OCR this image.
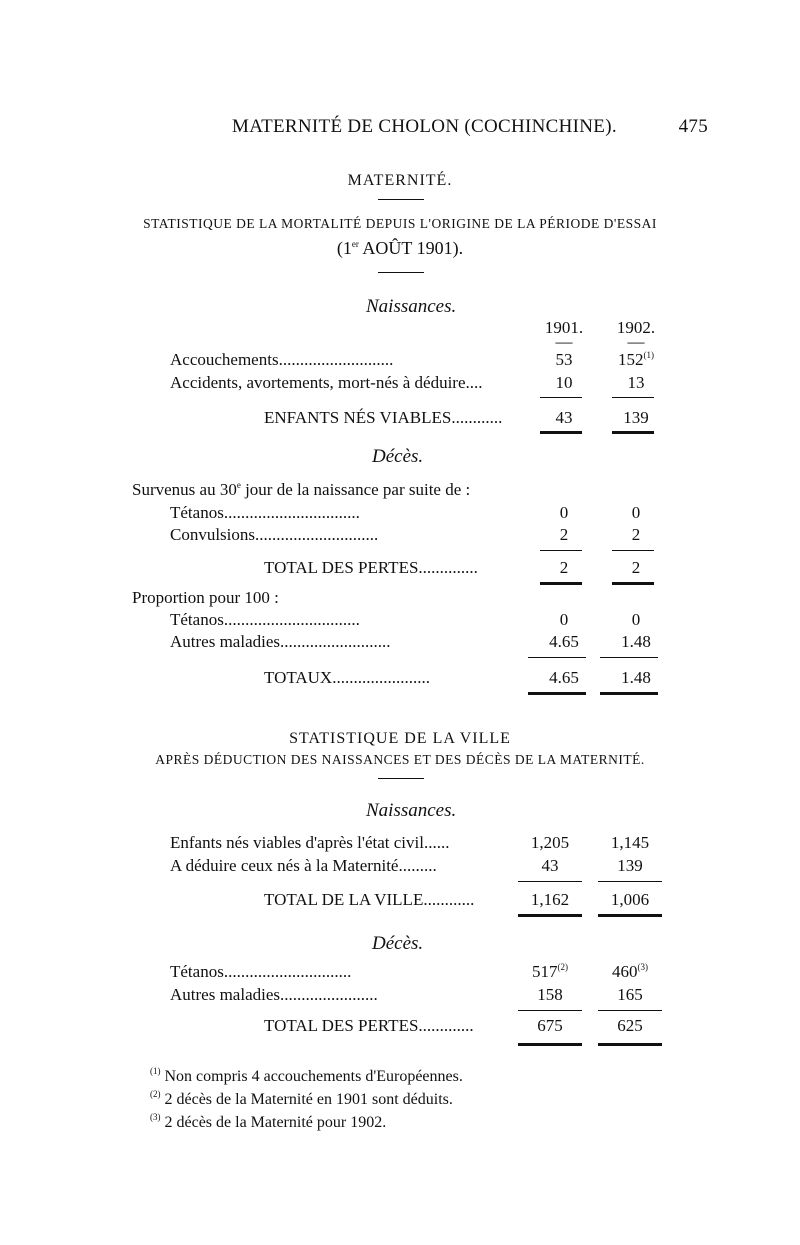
MATERNITÉ DE CHOLON (COCHINCHINE).	475
MATERNITÉ.
STATISTIQUE DE LA MORTALITÉ DEPUIS L'ORIGINE DE LA PÉRIODE D'ESSAI
(1er AOÛT 1901).
Naissances.
1901.	1902.
—	—
Accouchements...........................	53	152$^{(1)}$
Accidents, avortements, mort-nés à déduire....	10	13
ENFANTS NÉS VIABLES............	43	139
Décès.
Survenus au 30e jour de la naissance par suite de :
Tétanos................................	0	0
Convulsions.............................	2	2
TOTAL DES PERTES..............	2	2
Proportion pour 100 :
Tétanos................................	0	0
Autres maladies..........................	4.65	1.48
TOTAUX.......................	4.65	1.48
STATISTIQUE DE LA VILLE
APRÈS DÉDUCTION DES NAISSANCES ET DES DÉCÈS DE LA MATERNITÉ.
Naissances.
Enfants nés viables d'après l'état civil......	1,205	1,145
A déduire ceux nés à la Maternité.........	43	139
TOTAL DE LA VILLE............	1,162	1,006
Décès.
Tétanos..............................	517$^{(2)}$	460$^{(3)}$
Autres maladies.......................	158	165
TOTAL DES PERTES.............	675	625
$^{(1)}$ Non compris 4 accouchements d'Européennes.
$^{(2)}$ 2 décès de la Maternité en 1901 sont déduits.
$^{(3)}$ 2 décès de la Maternité pour 1902.
